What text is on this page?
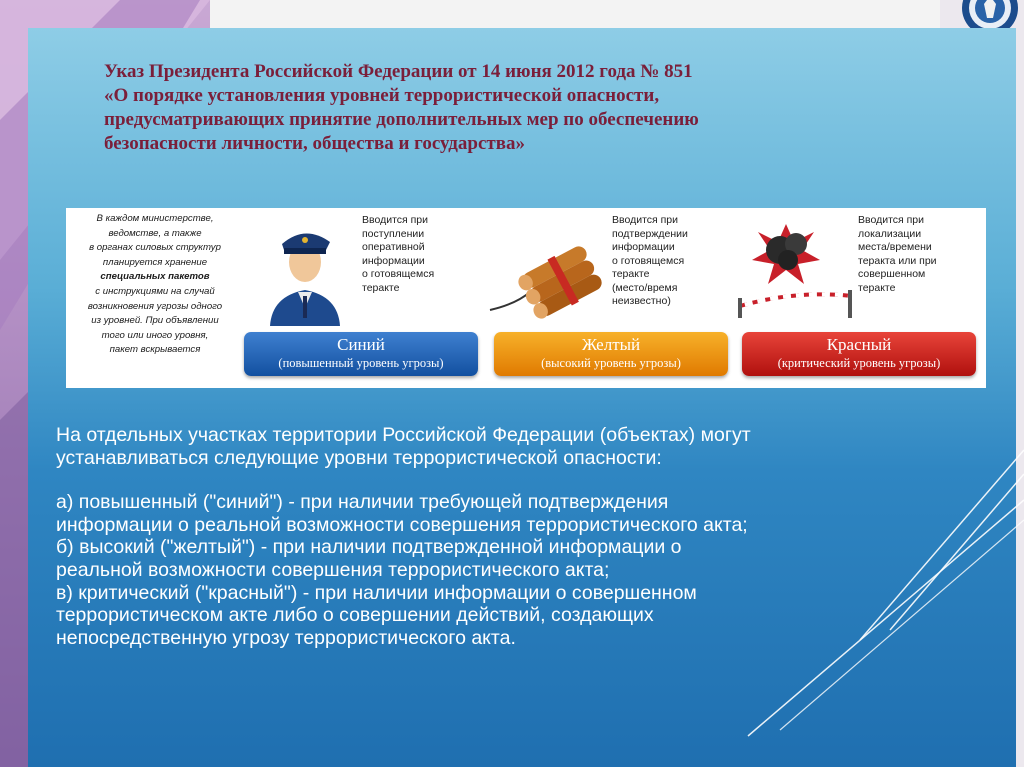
Указ Президента Российской Федерации от 14 июня 2012 года № 851
«О порядке установления уровней террористической опасности,
предусматривающих принятие дополнительных мер по обеспечению
безопасности личности, общества и государства»
В каждом министерстве,
ведомстве, а также
в органах силовых структур
планируется хранение
специальных пакетов
с инструкциями на случай
возникновения угрозы одного
из уровней. При объявлении
того или иного уровня,
пакет вскрывается
Вводится при
поступлении
оперативной
информации
о готовящемся
теракте
Вводится при
подтверждении
информации
о готовящемся
теракте
(место/время
неизвестно)
Вводится при
локализации
места/времени
теракта или при
совершенном
теракте
Синий
(повышенный уровень угрозы)
Желтый
(высокий уровень угрозы)
Красный
(критический уровень угрозы)

На отдельных участках территории Российской Федерации (объектах) могут

устанавливаться следующие уровни террористической опасности:

а) повышенный ("синий") - при наличии требующей подтверждения

информации о реальной возможности совершения террористического акта;

б) высокий ("желтый") - при наличии подтвержденной информации о

реальной возможности совершения террористического акта;

в) критический ("красный") - при наличии информации о совершенном

террористическом акте либо о совершении действий, создающих

непосредственную угрозу террористического акта.
